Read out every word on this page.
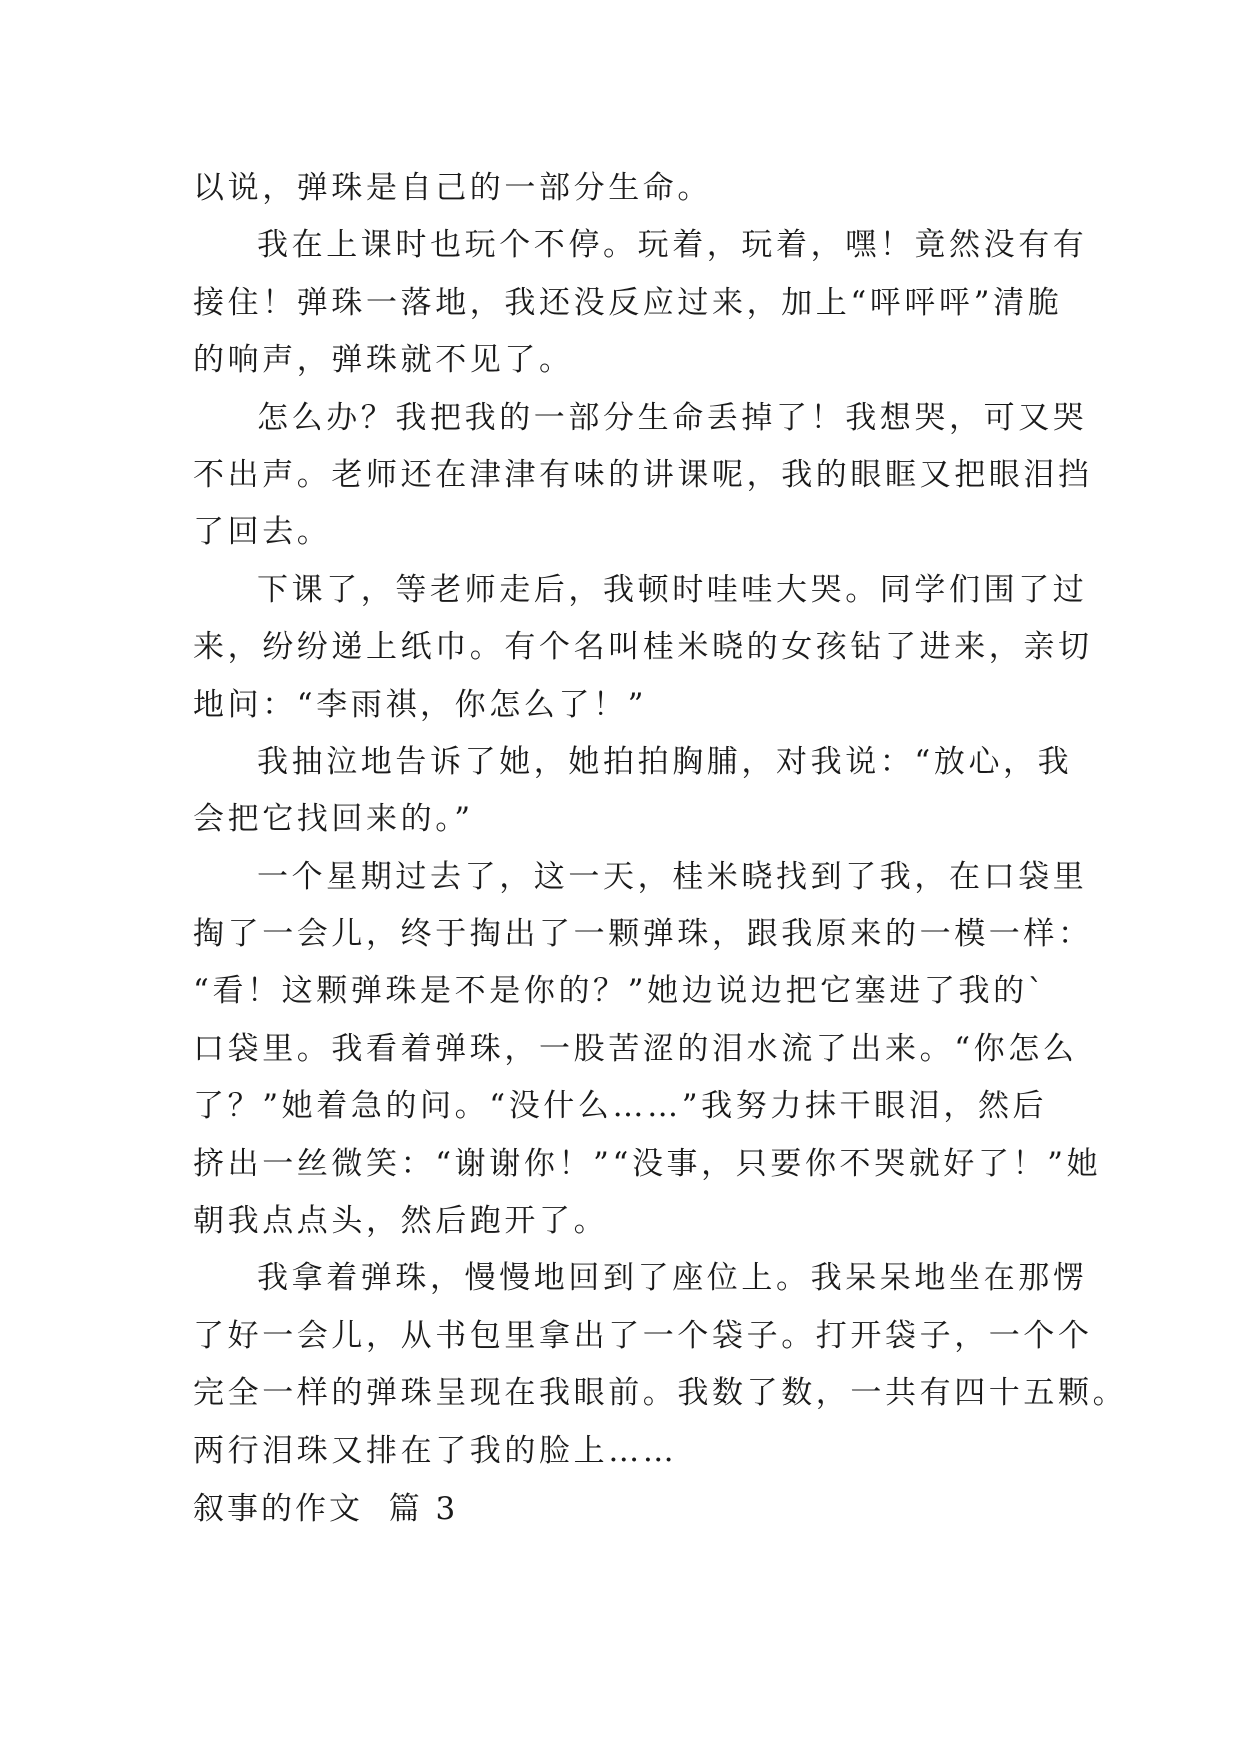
以说，弹珠是自己的一部分生命。
我在上课时也玩个不停。玩着，玩着，嘿！竟然没有有
接住！弹珠一落地，我还没反应过来，加上“呯呯呯”清脆
的响声，弹珠就不见了。
怎么办？我把我的一部分生命丢掉了！我想哭，可又哭
不出声。老师还在津津有味的讲课呢，我的眼眶又把眼泪挡
了回去。
下课了，等老师走后，我顿时哇哇大哭。同学们围了过
来，纷纷递上纸巾。有个名叫桂米晓的女孩钻了进来，亲切
地问：“李雨祺，你怎么了！”
我抽泣地告诉了她，她拍拍胸脯，对我说：“放心，我
会把它找回来的。”
一个星期过去了，这一天，桂米晓找到了我，在口袋里
掏了一会儿，终于掏出了一颗弹珠，跟我原来的一模一样：
“看！这颗弹珠是不是你的？”她边说边把它塞进了我的`
口袋里。我看着弹珠，一股苦涩的泪水流了出来。“你怎么
了？”她着急的问。“没什么……”我努力抹干眼泪，然后
挤出一丝微笑：“谢谢你！”“没事，只要你不哭就好了！”她
朝我点点头，然后跑开了。
我拿着弹珠，慢慢地回到了座位上。我呆呆地坐在那愣
了好一会儿，从书包里拿出了一个袋子。打开袋子，一个个
完全一样的弹珠呈现在我眼前。我数了数，一共有四十五颗。
两行泪珠又排在了我的脸上……
叙事的作文  篇 3
